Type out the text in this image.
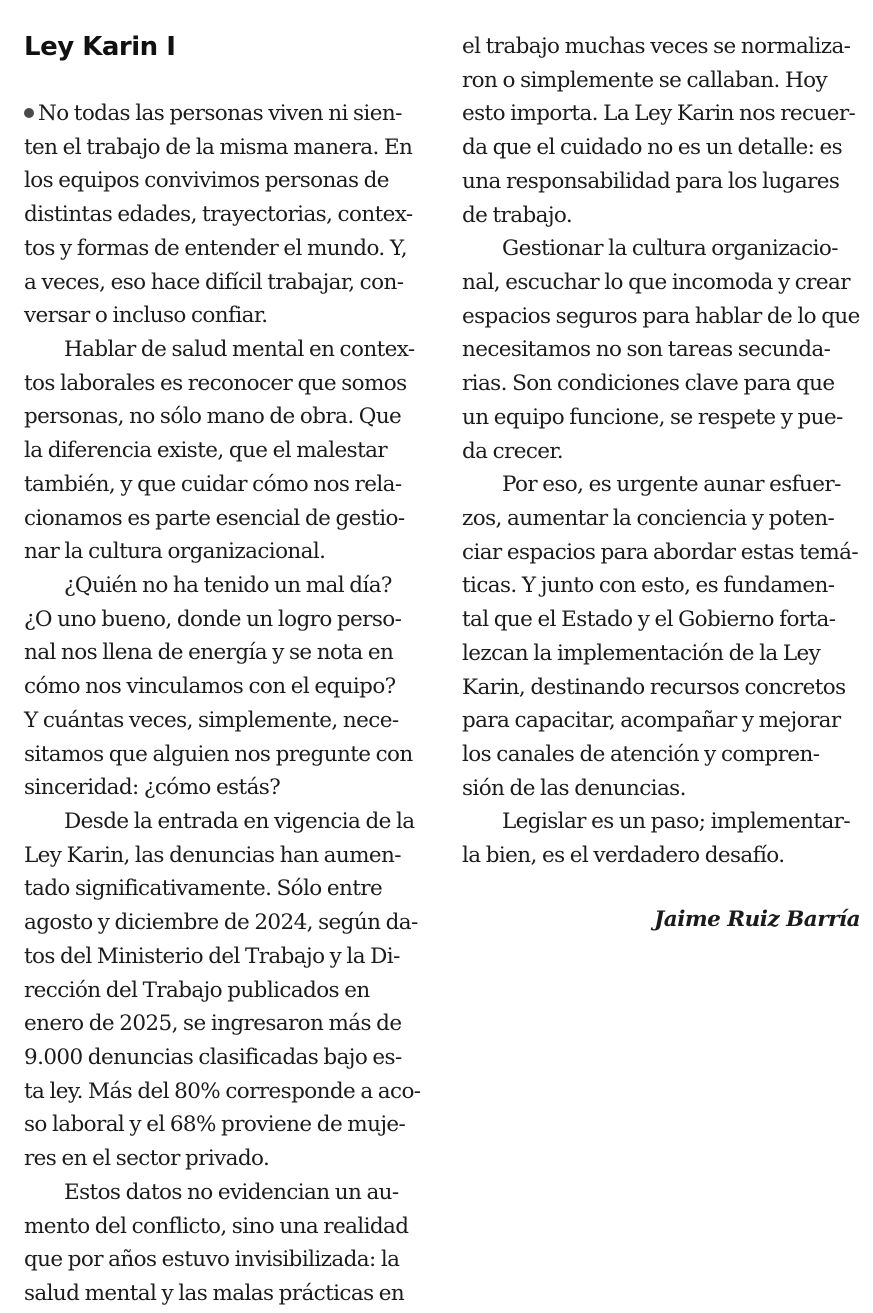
Ley Karin I
No todas las personas viven ni sien-
ten el trabajo de la misma manera. En
los equipos convivimos personas de
distintas edades, trayectorias, contex-
tos y formas de entender el mundo. Y,
a veces, eso hace difícil trabajar, con-
versar o incluso confiar.
Hablar de salud mental en contex-
tos laborales es reconocer que somos
personas, no sólo mano de obra. Que
la diferencia existe, que el malestar
también, y que cuidar cómo nos rela-
cionamos es parte esencial de gestio-
nar la cultura organizacional.
¿Quién no ha tenido un mal día?
¿O uno bueno, donde un logro perso-
nal nos llena de energía y se nota en
cómo nos vinculamos con el equipo?
Y cuántas veces, simplemente, nece-
sitamos que alguien nos pregunte con
sinceridad: ¿cómo estás?
Desde la entrada en vigencia de la
Ley Karin, las denuncias han aumen-
tado significativamente. Sólo entre
agosto y diciembre de 2024, según da-
tos del Ministerio del Trabajo y la Di-
rección del Trabajo publicados en
enero de 2025, se ingresaron más de
9.000 denuncias clasificadas bajo es-
ta ley. Más del 80% corresponde a aco-
so laboral y el 68% proviene de muje-
res en el sector privado.
Estos datos no evidencian un au-
mento del conflicto, sino una realidad
que por años estuvo invisibilizada: la
salud mental y las malas prácticas en
el trabajo muchas veces se normaliza-
ron o simplemente se callaban. Hoy
esto importa. La Ley Karin nos recuer-
da que el cuidado no es un detalle: es
una responsabilidad para los lugares
de trabajo.
Gestionar la cultura organizacio-
nal, escuchar lo que incomoda y crear
espacios seguros para hablar de lo que
necesitamos no son tareas secunda-
rias. Son condiciones clave para que
un equipo funcione, se respete y pue-
da crecer.
Por eso, es urgente aunar esfuer-
zos, aumentar la conciencia y poten-
ciar espacios para abordar estas temá-
ticas. Y junto con esto, es fundamen-
tal que el Estado y el Gobierno forta-
lezcan la implementación de la Ley
Karin, destinando recursos concretos
para capacitar, acompañar y mejorar
los canales de atención y compren-
sión de las denuncias.
Legislar es un paso; implementar-
la bien, es el verdadero desafío.
Jaime Ruiz Barría
